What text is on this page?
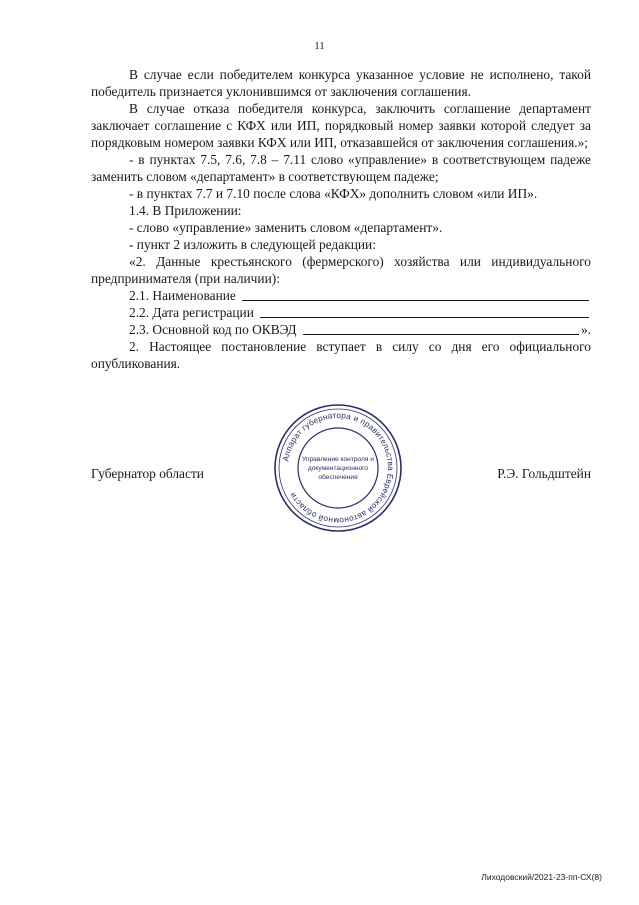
11

В случае если победителем конкурса указанное условие не исполнено, такой победитель признается уклонившимся от заключения соглашения.

В случае отказа победителя конкурса, заключить соглашение департамент заключает соглашение с КФХ или ИП, порядковый номер заявки которой следует за порядковым номером заявки КФХ или ИП, отказавшейся от заключения соглашения.»;

- в пунктах 7.5, 7.6, 7.8 – 7.11 слово «управление» в соответствующем падеже заменить словом «департамент» в соответствующем падеже;

- в пунктах 7.7 и 7.10 после слова «КФХ» дополнить словом «или ИП».

1.4. В Приложении:

- слово «управление» заменить словом «департамент».

- пункт 2 изложить в следующей редакции:

«2. Данные крестьянского (фермерского) хозяйства или индивидуального предпринимателя (при наличии):

2.1. Наименование
2.2. Дата регистрации
2.3. Основной код по ОКВЭД	».

2. Настоящее постановление вступает в силу со дня его официального опубликования.

Губернатор области	Р.Э. Гольдштейн
Аппарат губернатора и правительства Еврейской автономной области
Управление контроля и
документационного
обеспечения
Лиходовский/2021-23-пп-СХ(8)
